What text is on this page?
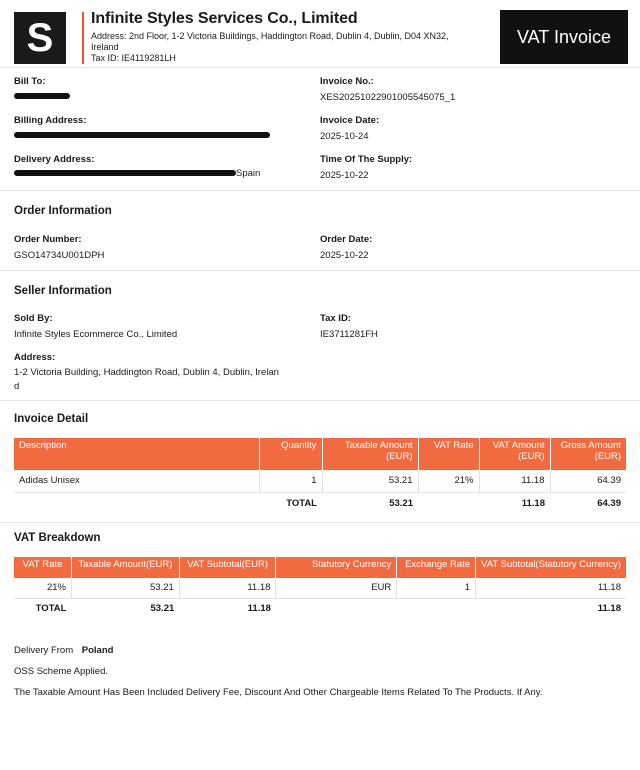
S Infinite Styles Services Co., Limited
Address: 2nd Floor, 1-2 Victoria Buildings, Haddington Road, Dublin 4, Dublin, D04 XN32,
Ireland
Tax ID: IE4119281LH
VAT Invoice
Bill To:
Billing Address:
Delivery Address:
Spain
Invoice No.:
XES20251022901005545075_1
Invoice Date:
2025-10-24
Time Of The Supply:
2025-10-22
Order Information
Order Number:
GSO14734U001DPH
Order Date:
2025-10-22
Seller Information
Sold By:
Infinite Styles Ecommerce Co., Limited
Tax ID:
IE3711281FH
Address:
1-2 Victoria Building, Haddington Road, Dublin 4, Dublin, Irelan
d
Invoice Detail
Description	Quantity	Taxable Amount (EUR)	VAT Rate	VAT Amount (EUR)	Gross Amount (EUR)
Adidas Unisex	1	53.21	21%	11.18	64.39
	TOTAL	53.21		11.18	64.39
VAT Breakdown
VAT Rate	Taxable Amount(EUR)	VAT Subtotal(EUR)	Statutory Currency	Exchange Rate	VAT Subtotal(Statutory Currency)
21%	53.21	11.18	EUR	1	11.18
TOTAL	53.21	11.18			11.18
Delivery From Poland
OSS Scheme Applied.
The Taxable Amount Has Been Included Delivery Fee, Discount And Other Chargeable Items Related To The Products. If Any.
